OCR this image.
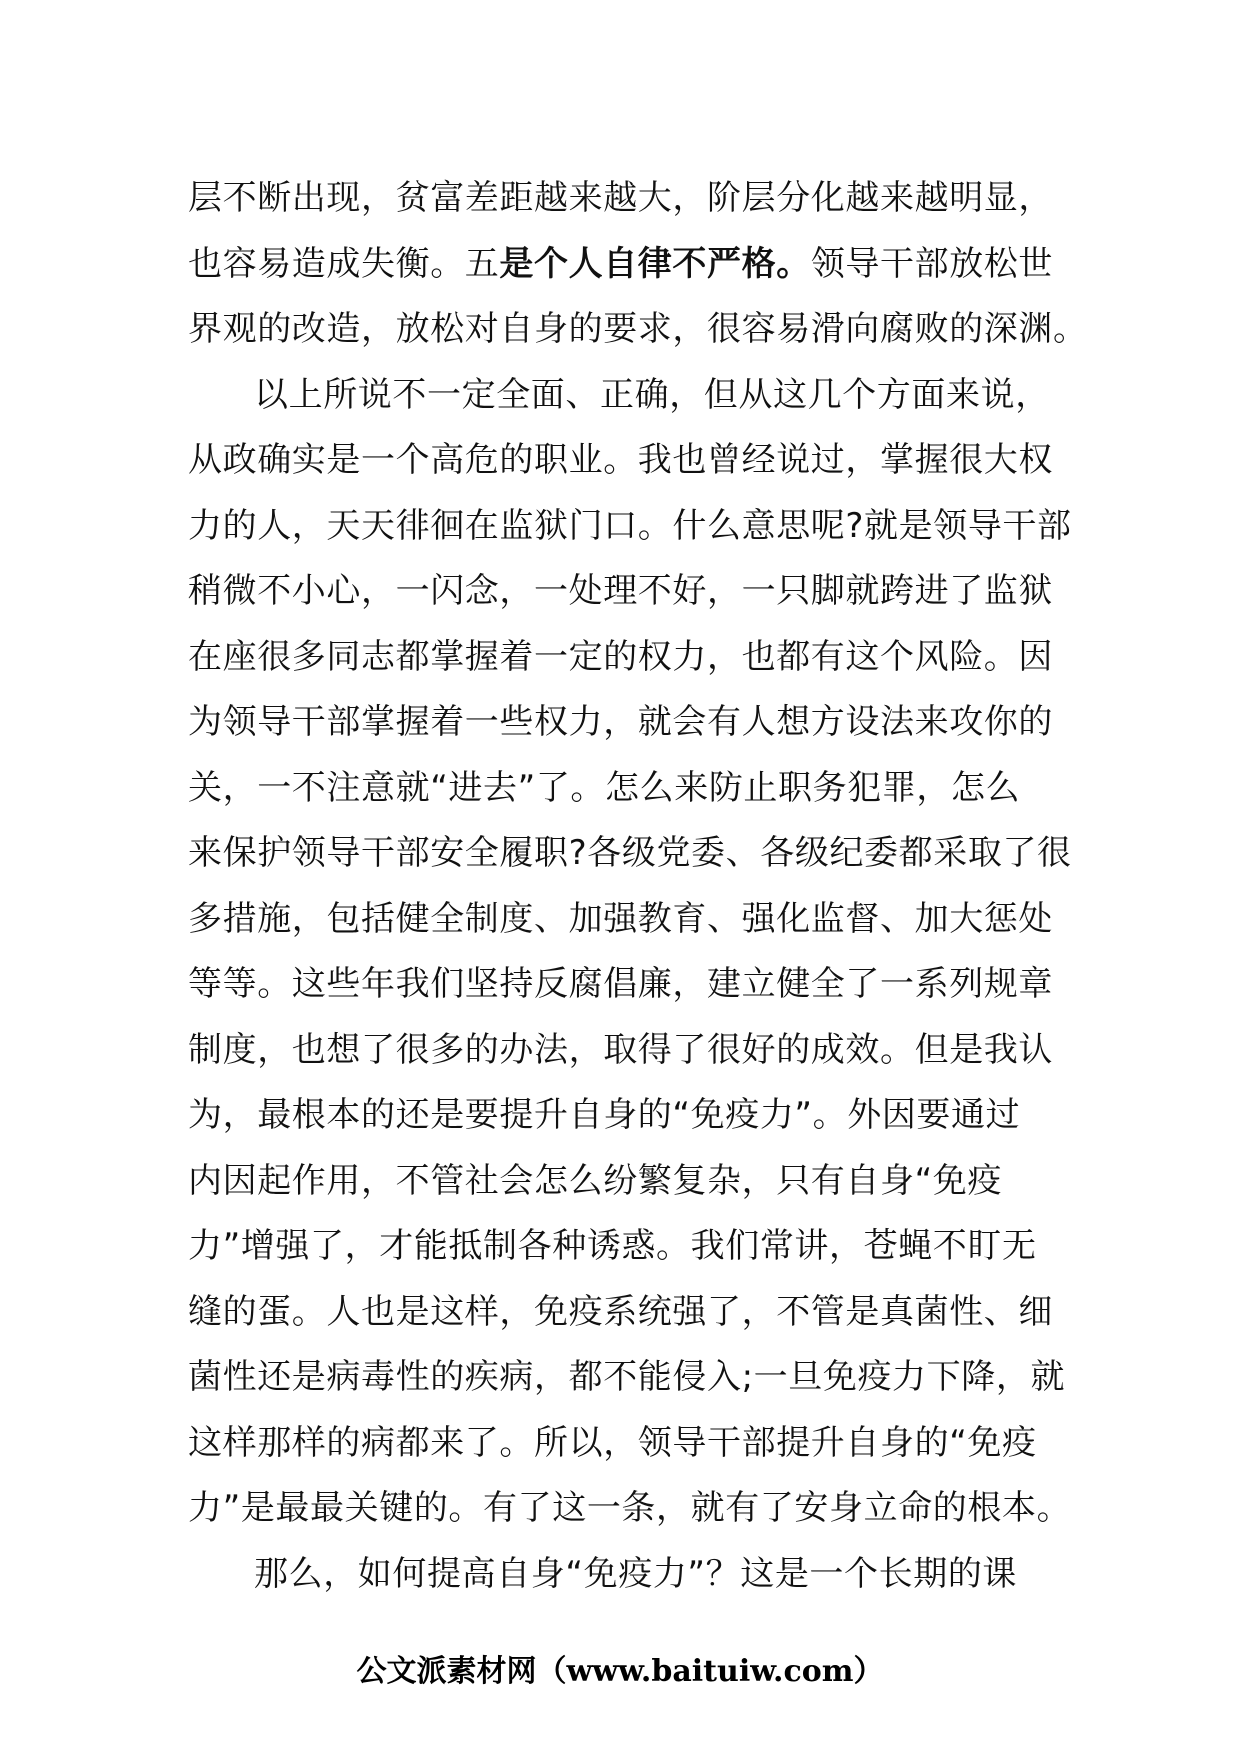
层不断出现，贫富差距越来越大，阶层分化越来越明显，
也容易造成失衡。五是个人自律不严格。领导干部放松世
界观的改造，放松对自身的要求，很容易滑向腐败的深渊。
以上所说不一定全面、正确，但从这几个方面来说，
从政确实是一个高危的职业。我也曾经说过，掌握很大权
力的人，天天徘徊在监狱门口。什么意思呢?就是领导干部
稍微不小心，一闪念，一处理不好，一只脚就跨进了监狱
在座很多同志都掌握着一定的权力，也都有这个风险。因
为领导干部掌握着一些权力，就会有人想方设法来攻你的
关，一不注意就“进去”了。怎么来防止职务犯罪，怎么
来保护领导干部安全履职?各级党委、各级纪委都采取了很
多措施，包括健全制度、加强教育、强化监督、加大惩处
等等。这些年我们坚持反腐倡廉，建立健全了一系列规章
制度，也想了很多的办法，取得了很好的成效。但是我认
为，最根本的还是要提升自身的“免疫力”。外因要通过
内因起作用，不管社会怎么纷繁复杂，只有自身“免疫
力”增强了，才能抵制各种诱惑。我们常讲，苍蝇不盯无
缝的蛋。人也是这样，免疫系统强了，不管是真菌性、细
菌性还是病毒性的疾病，都不能侵入;一旦免疫力下降，就
这样那样的病都来了。所以，领导干部提升自身的“免疫
力”是最最关键的。有了这一条，就有了安身立命的根本。
那么，如何提高自身“免疫力”？这是一个长期的课
公文派素材网（www.baituiw.com）
